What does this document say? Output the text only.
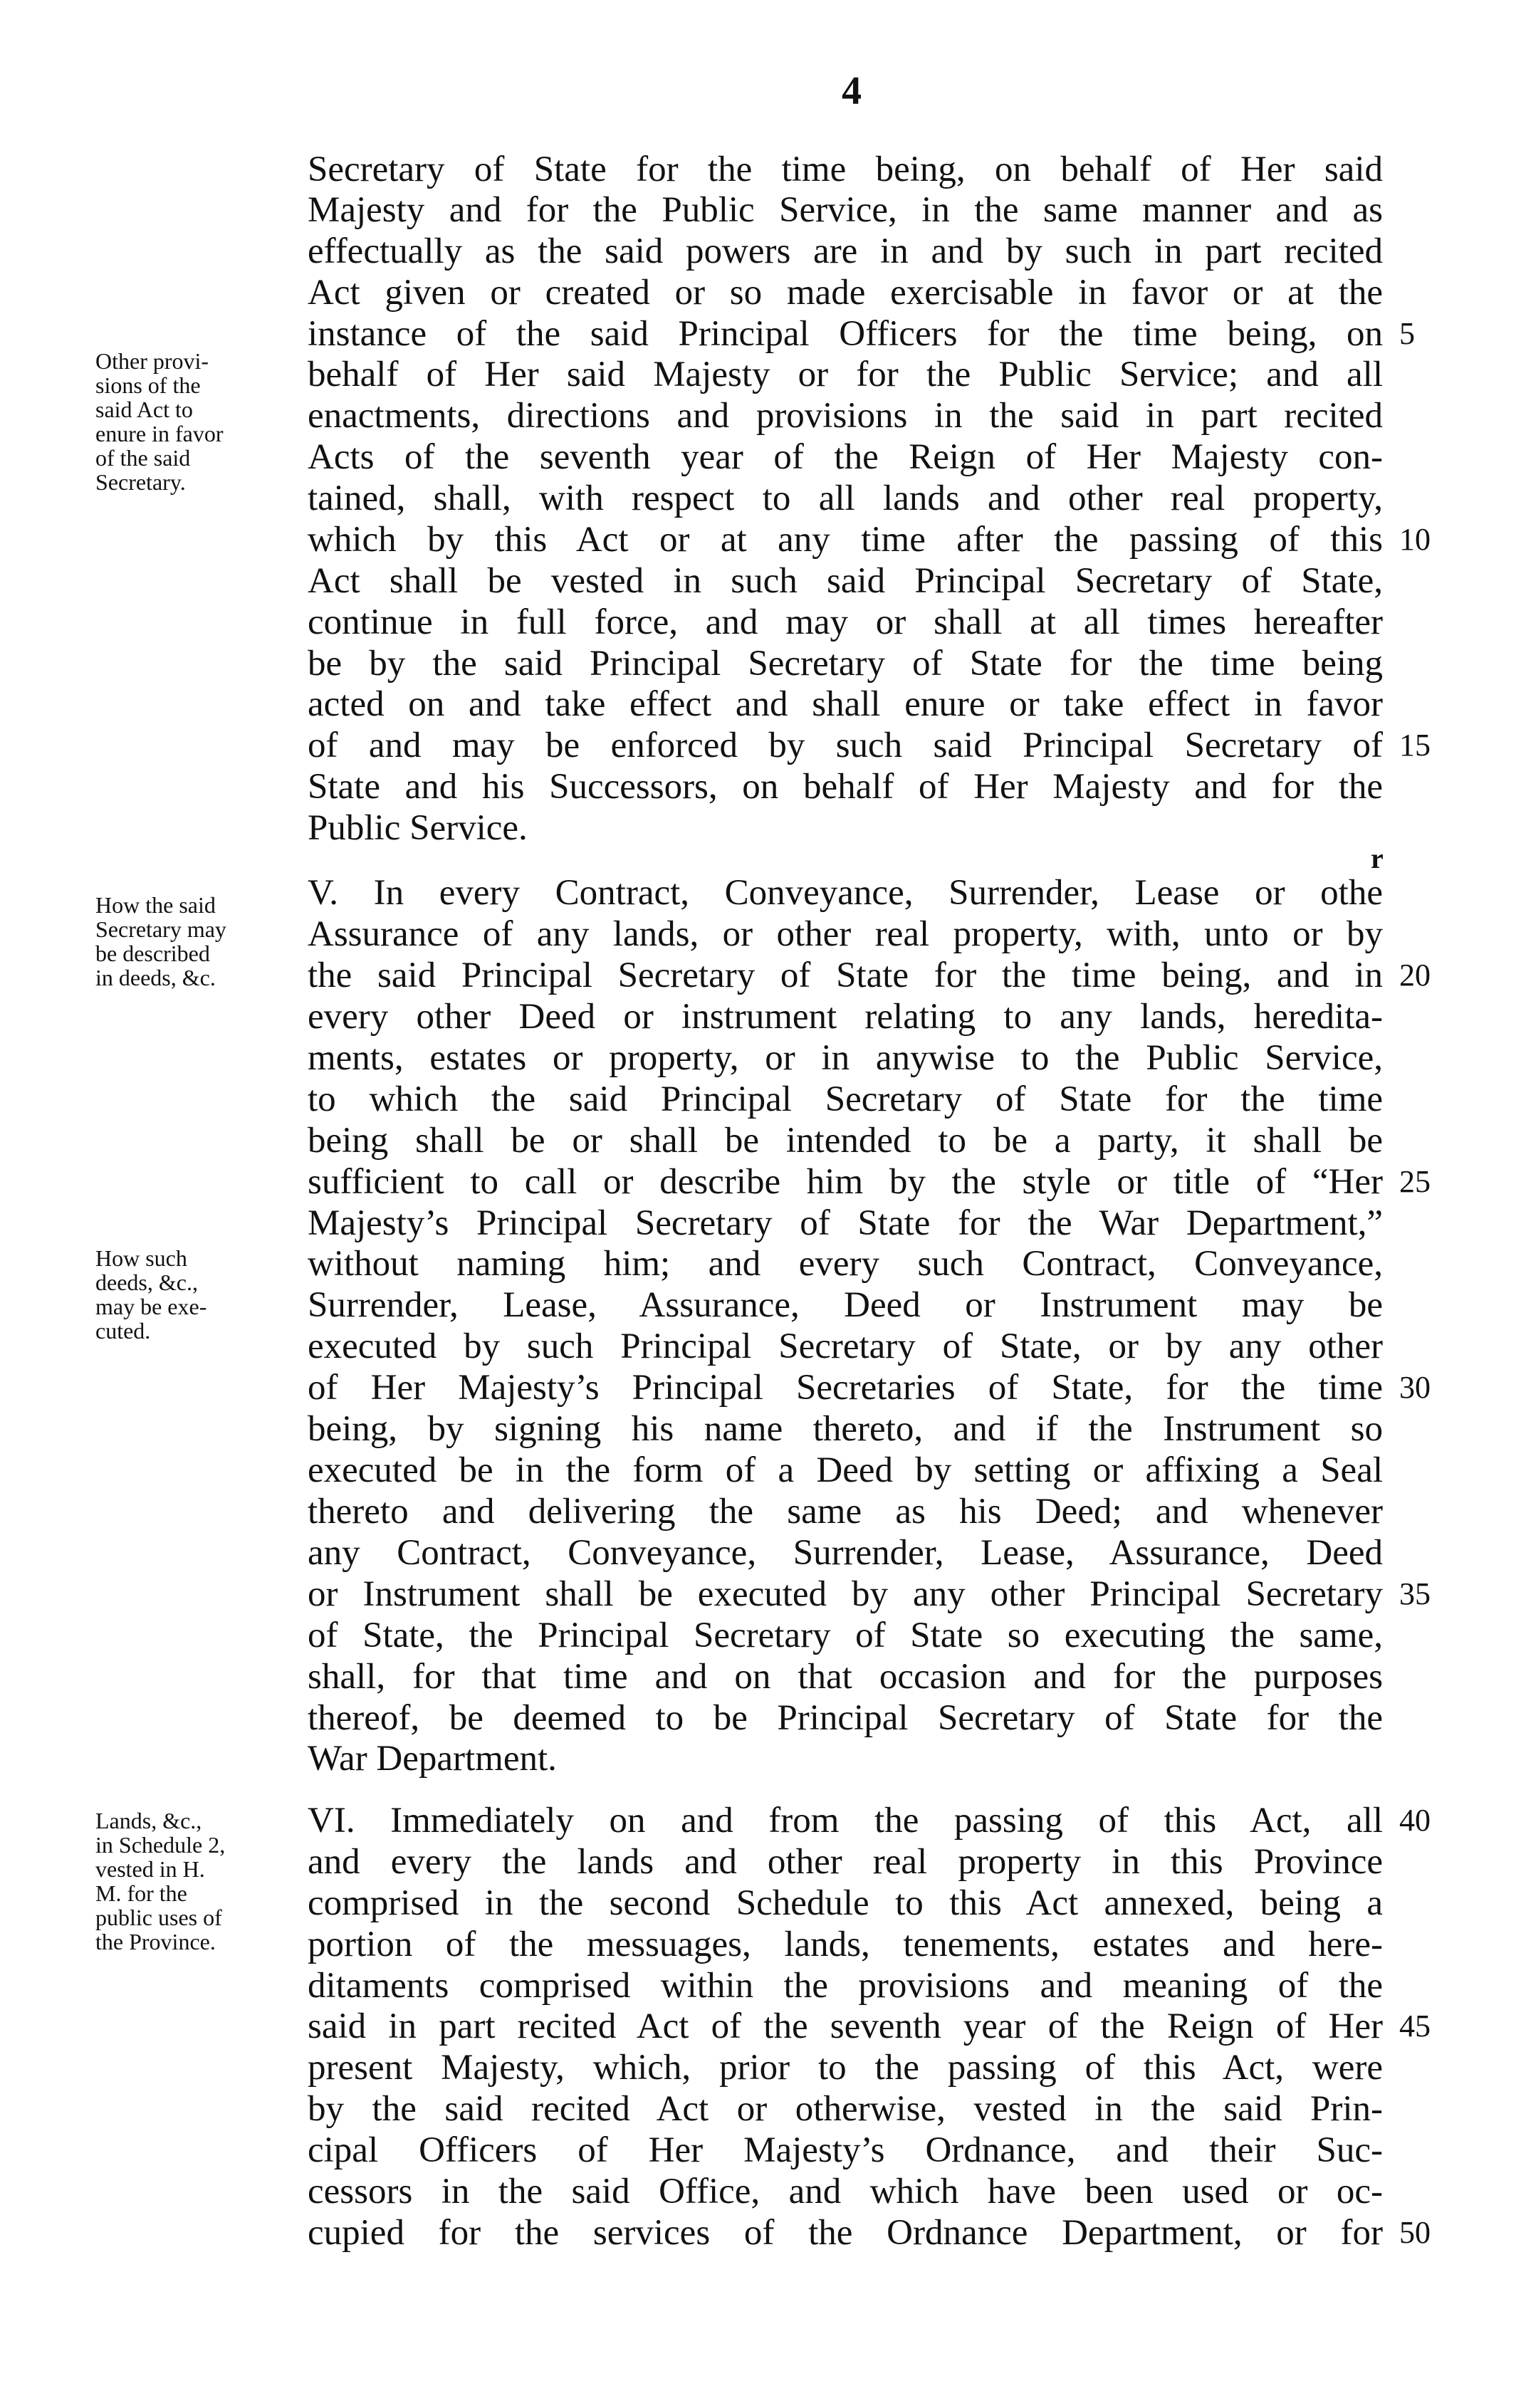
4
Other provi-
sions of the
said Act to
enure in favor
of the said
Secretary.
How the said
Secretary may
be described
in deeds, &c.
How such
deeds, &c.,
may be exe-
cuted.
Lands, &c.,
in Schedule 2,
vested in H.
M. for the
public uses of
the Province.
Secretary of State for the time being, on behalf of Her said
Majesty and for the Public Service, in the same manner and as
effectually as the said powers are in and by such in part recited
Act given or created or so made exercisable in favor or at the
instance of the said Principal Officers for the time being, on
behalf of Her said Majesty or for the Public Service; and all
enactments, directions and provisions in the said in part recited
Acts of the seventh year of the Reign of Her Majesty con-
tained, shall, with respect to all lands and other real property,
which by this Act or at any time after the passing of this
Act shall be vested in such said Principal Secretary of State,
continue in full force, and may or shall at all times hereafter
be by the said Principal Secretary of State for the time being
acted on and take effect and shall enure or take effect in favor
of and may be enforced by such said Principal Secretary of
State and his Successors, on behalf of Her Majesty and for the
Public Service.
V. In every Contract, Conveyance, Surrender, Lease or othe
Assurance of any lands, or other real property, with, unto or by
the said Principal Secretary of State for the time being, and in
every other Deed or instrument relating to any lands, heredita-
ments, estates or property, or in anywise to the Public Service,
to which the said Principal Secretary of State for the time
being shall be or shall be intended to be a party, it shall be
sufficient to call or describe him by the style or title of “Her
Majesty’s Principal Secretary of State for the War Department,”
without naming him; and every such Contract, Conveyance,
Surrender, Lease, Assurance, Deed or Instrument may be
executed by such Principal Secretary of State, or by any other
of Her Majesty’s Principal Secretaries of State, for the time
being, by signing his name thereto, and if the Instrument so
executed be in the form of a Deed by setting or affixing a Seal
thereto and delivering the same as his Deed; and whenever
any Contract, Conveyance, Surrender, Lease, Assurance, Deed
or Instrument shall be executed by any other Principal Secretary
of State, the Principal Secretary of State so executing the same,
shall, for that time and on that occasion and for the purposes
thereof, be deemed to be Principal Secretary of State for the
War Department.
VI. Immediately on and from the passing of this Act, all
and every the lands and other real property in this Province
comprised in the second Schedule to this Act annexed, being a
portion of the messuages, lands, tenements, estates and here-
ditaments comprised within the provisions and meaning of the
said in part recited Act of the seventh year of the Reign of Her
present Majesty, which, prior to the passing of this Act, were
by the said recited Act or otherwise, vested in the said Prin-
cipal Officers of Her Majesty’s Ordnance, and their Suc-
cessors in the said Office, and which have been used or oc-
cupied for the services of the Ordnance Department, or for
r
5
10
15
20
25
30
35
40
45
50
